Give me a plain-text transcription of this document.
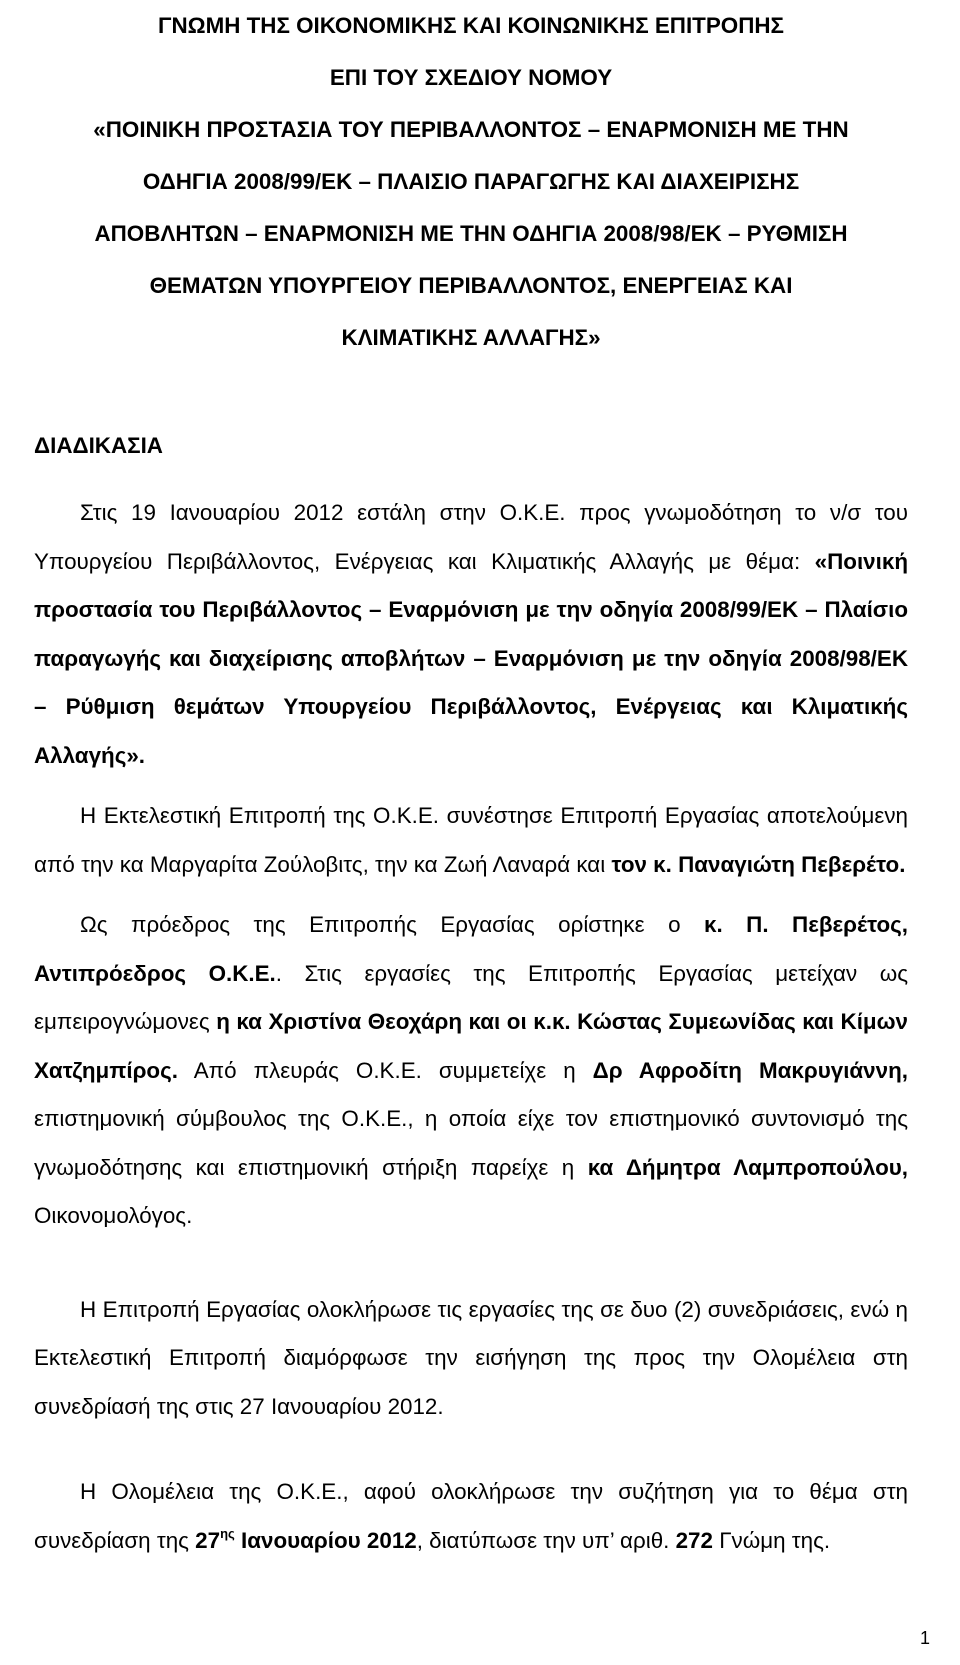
ΓΝΩΜΗ ΤΗΣ ΟΙΚΟΝΟΜΙΚΗΣ ΚΑΙ ΚΟΙΝΩΝΙΚΗΣ ΕΠΙΤΡΟΠΗΣ
ΕΠΙ ΤΟΥ ΣΧΕΔΙΟΥ ΝΟΜΟΥ
«ΠΟΙΝΙΚΗ ΠΡΟΣΤΑΣΙΑ ΤΟΥ ΠΕΡΙΒΑΛΛΟΝΤΟΣ – ΕΝΑΡΜΟΝΙΣΗ ΜΕ ΤΗΝ
ΟΔΗΓΙΑ 2008/99/ΕΚ – ΠΛΑΙΣΙΟ ΠΑΡΑΓΩΓΗΣ ΚΑΙ ΔΙΑΧΕΙΡΙΣΗΣ
ΑΠΟΒΛΗΤΩΝ – ΕΝΑΡΜΟΝΙΣΗ ΜΕ ΤΗΝ ΟΔΗΓΙΑ 2008/98/ΕΚ – ΡΥΘΜΙΣΗ
ΘΕΜΑΤΩΝ ΥΠΟΥΡΓΕΙΟΥ ΠΕΡΙΒΑΛΛΟΝΤΟΣ, ΕΝΕΡΓΕΙΑΣ ΚΑΙ
ΚΛΙΜΑΤΙΚΗΣ ΑΛΛΑΓΗΣ»
ΔΙΑΔΙΚΑΣΙΑ

Στις 19 Ιανουαρίου 2012 εστάλη στην Ο.Κ.Ε. προς γνωμοδότηση το ν/σ του Υπουργείου Περιβάλλοντος, Ενέργειας και Κλιματικής Αλλαγής με θέμα: «Ποινική προστασία του Περιβάλλοντος – Εναρμόνιση με την οδηγία 2008/99/ΕΚ – Πλαίσιο παραγωγής και διαχείρισης αποβλήτων – Εναρμόνιση με την οδηγία 2008/98/ΕΚ – Ρύθμιση θεμάτων Υπουργείου Περιβάλλοντος, Ενέργειας και Κλιματικής Αλλαγής».

Η Εκτελεστική Επιτροπή της Ο.Κ.Ε. συνέστησε Επιτροπή Εργασίας αποτελούμενη από την κα Μαργαρίτα Ζούλοβιτς, την κα Ζωή Λαναρά και τον κ. Παναγιώτη Πεβερέτο.

Ως πρόεδρος της Επιτροπής Εργασίας ορίστηκε ο κ. Π. Πεβερέτος, Αντιπρόεδρος Ο.Κ.Ε.. Στις εργασίες της Επιτροπής Εργασίας μετείχαν ως εμπειρογνώμονες η κα Χριστίνα Θεοχάρη και οι κ.κ. Κώστας Συμεωνίδας και Κίμων Χατζημπίρος. Από πλευράς Ο.Κ.Ε. συμμετείχε η Δρ Αφροδίτη Μακρυγιάννη, επιστημονική σύμβουλος της Ο.Κ.Ε., η οποία είχε τον επιστημονικό συντονισμό της γνωμοδότησης και επιστημονική στήριξη παρείχε η κα Δήμητρα Λαμπροπούλου, Οικονομολόγος.

Η Επιτροπή Εργασίας ολοκλήρωσε τις εργασίες της σε δυο (2) συνεδριάσεις, ενώ η Εκτελεστική Επιτροπή διαμόρφωσε την εισήγηση της προς την Ολομέλεια στη συνεδρίασή της στις 27 Ιανουαρίου 2012.

Η Ολομέλεια της Ο.Κ.Ε., αφού ολοκλήρωσε την συζήτηση για το θέμα στη συνεδρίαση της $27^{\eta\varsigma}$ Ιανουαρίου 2012, διατύπωσε την υπ’ αριθ. 272 Γνώμη της.

1
